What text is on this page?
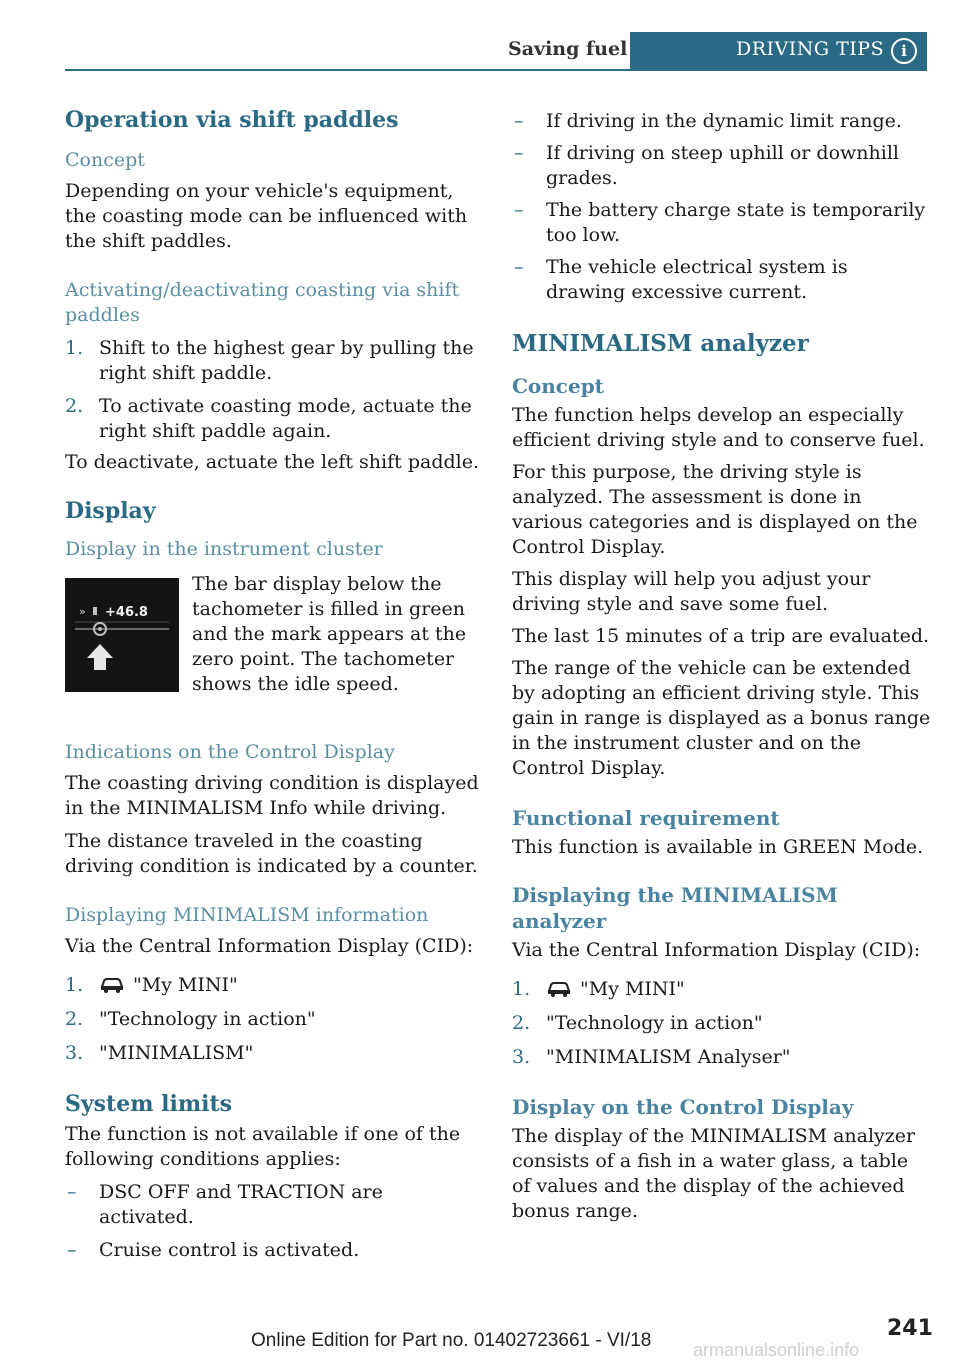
Saving fuel	DRIVING TIPS	i
Operation via shift paddles
Concept

Depending on your vehicle's equipment, the coasting mode can be influenced with the shift paddles.

Activating/deactivating coasting via shift paddles
1. Shift to the highest gear by pulling the right shift paddle.
2. To activate coasting mode, actuate the right shift paddle again.

To deactivate, actuate the left shift paddle.

Display
Display in the instrument cluster
» +46.8

The bar display below the tachometer is filled in green and the mark appears at the zero point. The tachometer shows the idle speed.

Indications on the Control Display

The coasting driving condition is displayed in the MINIMALISM Info while driving.

The distance traveled in the coasting driving condition is indicated by a counter.

Displaying MINIMALISM information

Via the Central Information Display (CID):

1.	"My MINI"
2. "Technology in action"
3. "MINIMALISM"
System limits

The function is not available if one of the following conditions applies:

– DSC OFF and TRACTION are activated.
– Cruise control is activated.
– If driving in the dynamic limit range.
– If driving on steep uphill or downhill grades.
– The battery charge state is temporarily too low.
– The vehicle electrical system is drawing excessive current.
MINIMALISM analyzer
Concept

The function helps develop an especially efficient driving style and to conserve fuel.

For this purpose, the driving style is analyzed. The assessment is done in various categories and is displayed on the Control Display.

This display will help you adjust your driving style and save some fuel.

The last 15 minutes of a trip are evaluated.

The range of the vehicle can be extended by adopting an efficient driving style. This gain in range is displayed as a bonus range in the instrument cluster and on the Control Display.

Functional requirement

This function is available in GREEN Mode.

Displaying the MINIMALISM analyzer

Via the Central Information Display (CID):

1.	"My MINI"
2. "Technology in action"
3. "MINIMALISM Analyser"
Display on the Control Display

The display of the MINIMALISM analyzer consists of a fish in a water glass, a table of values and the display of the achieved bonus range.

241
Online Edition for Part no. 01402723661 - VI/18 armanualsonline.info
